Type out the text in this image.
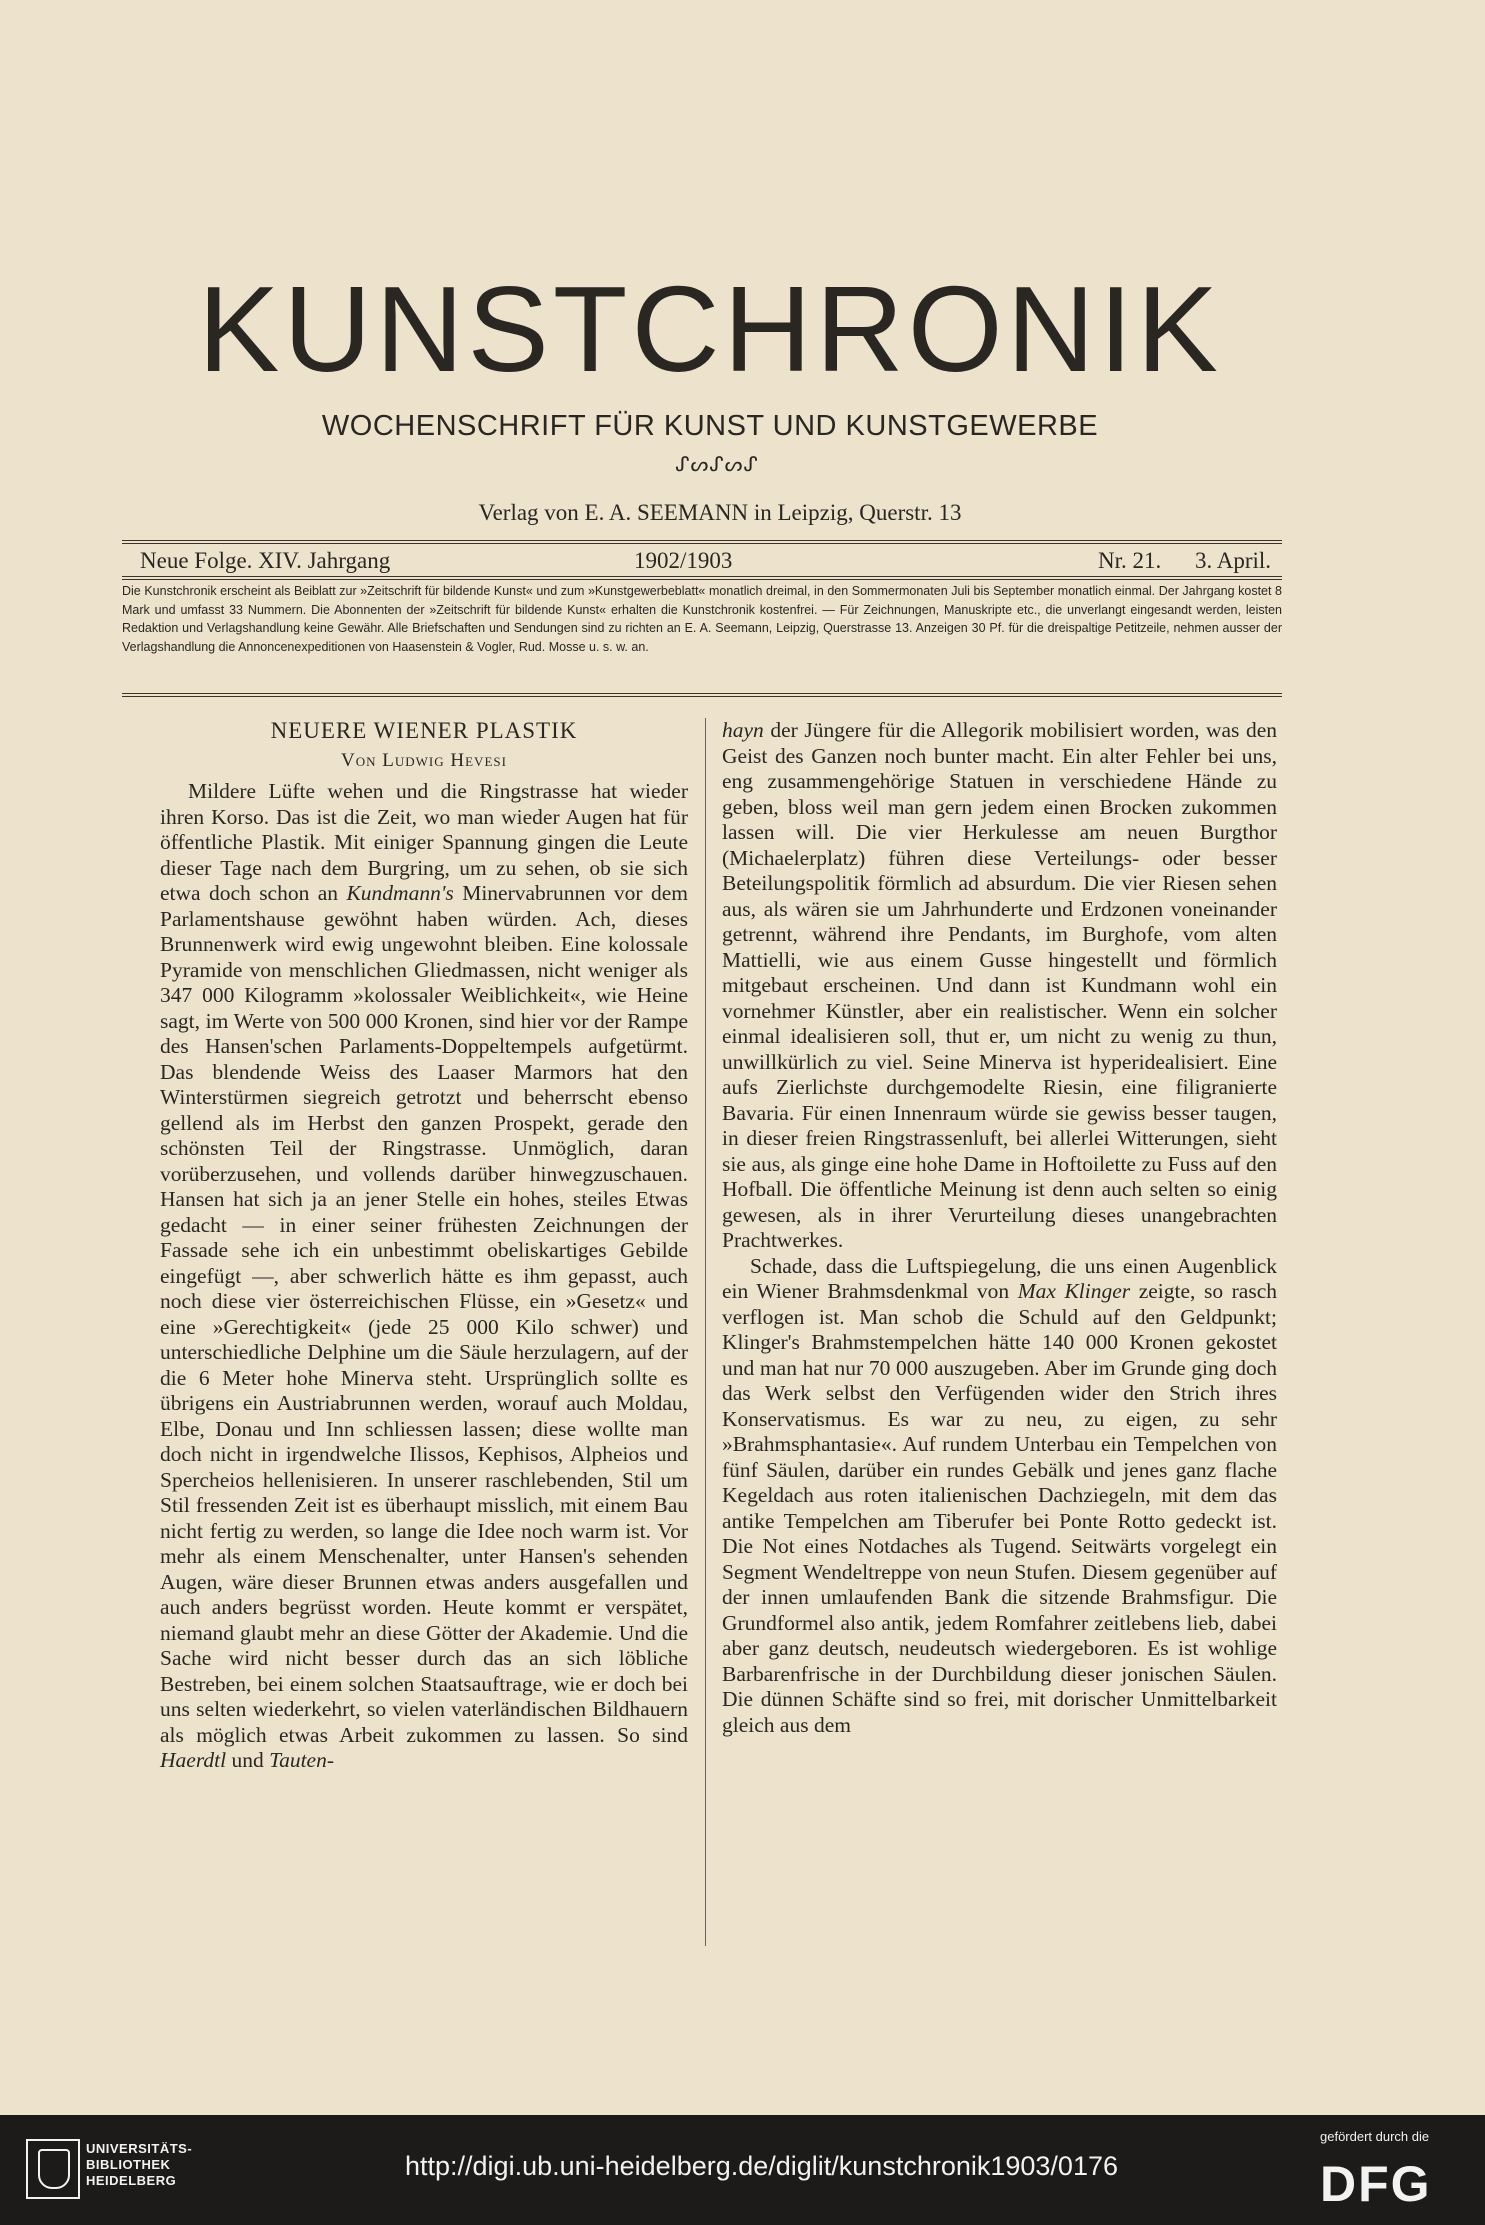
KUNSTCHRONIK
WOCHENSCHRIFT FÜR KUNST UND KUNSTGEWERBE
ᔑᔕᔑᔕᔑ
Verlag von E. A. SEEMANN in Leipzig, Querstr. 13
Neue Folge. XIV. Jahrgang	1902/1903	Nr. 21. 3. April.
Die Kunstchronik erscheint als Beiblatt zur »Zeitschrift für bildende Kunst« und zum »Kunstgewerbeblatt« monatlich dreimal, in den Sommermonaten Juli bis September monatlich einmal. Der Jahrgang kostet 8 Mark und umfasst 33 Nummern. Die Abonnenten der »Zeitschrift für bildende Kunst« erhalten die Kunstchronik kostenfrei. — Für Zeichnungen, Manuskripte etc., die unverlangt eingesandt werden, leisten Redaktion und Verlagshandlung keine Gewähr. Alle Briefschaften und Sendungen sind zu richten an E. A. Seemann, Leipzig, Querstrasse 13. Anzeigen 30 Pf. für die dreispaltige Petitzeile, nehmen ausser der Verlagshandlung die Annoncenexpeditionen von Haasenstein & Vogler, Rud. Mosse u. s. w. an.
NEUERE WIENER PLASTIK
Von Ludwig Hevesi

Mildere Lüfte wehen und die Ringstrasse hat wieder ihren Korso. Das ist die Zeit, wo man wieder Augen hat für öffentliche Plastik. Mit einiger Spannung gingen die Leute dieser Tage nach dem Burgring, um zu sehen, ob sie sich etwa doch schon an Kundmann's Minervabrunnen vor dem Parlamentshause gewöhnt haben würden. Ach, dieses Brunnenwerk wird ewig ungewohnt bleiben. Eine kolossale Pyramide von menschlichen Gliedmassen, nicht weniger als 347 000 Kilogramm »kolossaler Weiblichkeit«, wie Heine sagt, im Werte von 500 000 Kronen, sind hier vor der Rampe des Hansen'schen Parlaments-Doppeltempels aufgetürmt. Das blendende Weiss des Laaser Marmors hat den Winterstürmen siegreich getrotzt und beherrscht ebenso gellend als im Herbst den ganzen Prospekt, gerade den schönsten Teil der Ringstrasse. Unmöglich, daran vorüberzusehen, und vollends darüber hinwegzuschauen. Hansen hat sich ja an jener Stelle ein hohes, steiles Etwas gedacht — in einer seiner frühesten Zeichnungen der Fassade sehe ich ein unbestimmt obeliskartiges Gebilde eingefügt —, aber schwerlich hätte es ihm gepasst, auch noch diese vier österreichischen Flüsse, ein »Gesetz« und eine »Gerechtigkeit« (jede 25 000 Kilo schwer) und unterschiedliche Delphine um die Säule herzulagern, auf der die 6 Meter hohe Minerva steht. Ursprünglich sollte es übrigens ein Austriabrunnen werden, worauf auch Moldau, Elbe, Donau und Inn schliessen lassen; diese wollte man doch nicht in irgendwelche Ilissos, Kephisos, Alpheios und Spercheios hellenisieren. In unserer raschlebenden, Stil um Stil fressenden Zeit ist es überhaupt misslich, mit einem Bau nicht fertig zu werden, so lange die Idee noch warm ist. Vor mehr als einem Menschenalter, unter Hansen's sehenden Augen, wäre dieser Brunnen etwas anders ausgefallen und auch anders begrüsst worden. Heute kommt er verspätet, niemand glaubt mehr an diese Götter der Akademie. Und die Sache wird nicht besser durch das an sich löbliche Bestreben, bei einem solchen Staatsauftrage, wie er doch bei uns selten wiederkehrt, so vielen vaterländischen Bildhauern als möglich etwas Arbeit zukommen zu lassen. So sind Haerdtl und Tauten-

hayn der Jüngere für die Allegorik mobilisiert worden, was den Geist des Ganzen noch bunter macht. Ein alter Fehler bei uns, eng zusammengehörige Statuen in verschiedene Hände zu geben, bloss weil man gern jedem einen Brocken zukommen lassen will. Die vier Herkulesse am neuen Burgthor (Michaelerplatz) führen diese Verteilungs- oder besser Beteilungspolitik förmlich ad absurdum. Die vier Riesen sehen aus, als wären sie um Jahrhunderte und Erdzonen voneinander getrennt, während ihre Pendants, im Burghofe, vom alten Mattielli, wie aus einem Gusse hingestellt und förmlich mitgebaut erscheinen. Und dann ist Kundmann wohl ein vornehmer Künstler, aber ein realistischer. Wenn ein solcher einmal idealisieren soll, thut er, um nicht zu wenig zu thun, unwillkürlich zu viel. Seine Minerva ist hyperidealisiert. Eine aufs Zierlichste durchgemodelte Riesin, eine filigranierte Bavaria. Für einen Innenraum würde sie gewiss besser taugen, in dieser freien Ringstrassenluft, bei allerlei Witterungen, sieht sie aus, als ginge eine hohe Dame in Hoftoilette zu Fuss auf den Hofball. Die öffentliche Meinung ist denn auch selten so einig gewesen, als in ihrer Verurteilung dieses unangebrachten Prachtwerkes.

Schade, dass die Luftspiegelung, die uns einen Augenblick ein Wiener Brahmsdenkmal von Max Klinger zeigte, so rasch verflogen ist. Man schob die Schuld auf den Geldpunkt; Klinger's Brahmstempelchen hätte 140 000 Kronen gekostet und man hat nur 70 000 auszugeben. Aber im Grunde ging doch das Werk selbst den Verfügenden wider den Strich ihres Konservatismus. Es war zu neu, zu eigen, zu sehr »Brahmsphantasie«. Auf rundem Unterbau ein Tempelchen von fünf Säulen, darüber ein rundes Gebälk und jenes ganz flache Kegeldach aus roten italienischen Dachziegeln, mit dem das antike Tempelchen am Tiberufer bei Ponte Rotto gedeckt ist. Die Not eines Notdaches als Tugend. Seitwärts vorgelegt ein Segment Wendeltreppe von neun Stufen. Diesem gegenüber auf der innen umlaufenden Bank die sitzende Brahmsfigur. Die Grundformel also antik, jedem Romfahrer zeitlebens lieb, dabei aber ganz deutsch, neudeutsch wiedergeboren. Es ist wohlige Barbarenfrische in der Durchbildung dieser jonischen Säulen. Die dünnen Schäfte sind so frei, mit dorischer Unmittelbarkeit gleich aus dem

UNIVERSITÄTS-
BIBLIOTHEK
HEIDELBERG	http://digi.ub.uni-heidelberg.de/diglit/kunstchronik1903/0176
gefördert durch die
DFG
